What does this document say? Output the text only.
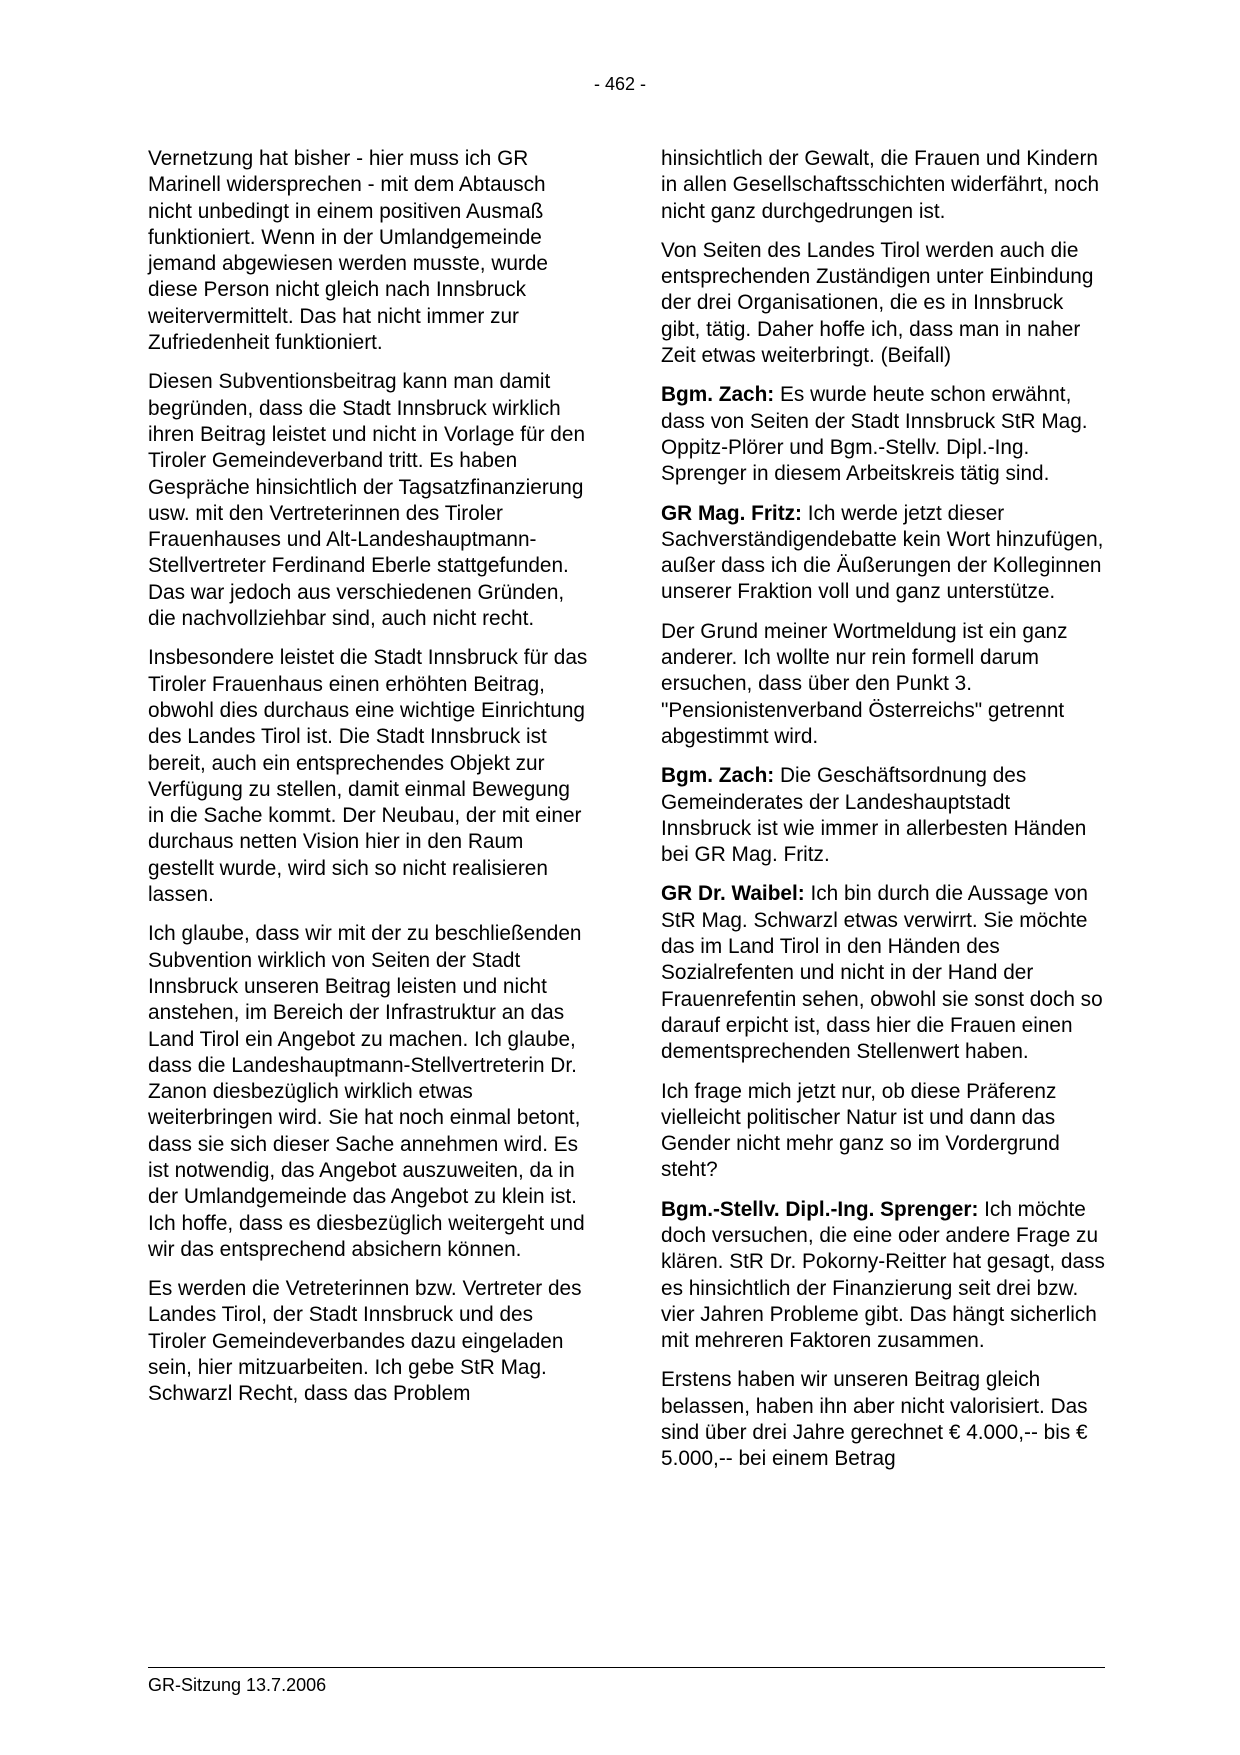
- 462 -

Vernetzung hat bisher - hier muss ich GR Marinell widersprechen - mit dem Abtausch nicht unbedingt in einem positiven Ausmaß funktioniert. Wenn in der Umlandgemeinde jemand abgewiesen werden musste, wurde diese Person nicht gleich nach Innsbruck weitervermittelt. Das hat nicht immer zur Zufriedenheit funktioniert.

Diesen Subventionsbeitrag kann man damit begründen, dass die Stadt Innsbruck wirklich ihren Beitrag leistet und nicht in Vorlage für den Tiroler Gemeindeverband tritt. Es haben Gespräche hinsichtlich der Tagsatzfinanzierung usw. mit den Vertreterinnen des Tiroler Frauenhauses und Alt-Landeshauptmann-Stellvertreter Ferdinand Eberle stattgefunden. Das war jedoch aus verschiedenen Gründen, die nachvollziehbar sind, auch nicht recht.

Insbesondere leistet die Stadt Innsbruck für das Tiroler Frauenhaus einen erhöhten Beitrag, obwohl dies durchaus eine wichtige Einrichtung des Landes Tirol ist. Die Stadt Innsbruck ist bereit, auch ein entsprechendes Objekt zur Verfügung zu stellen, damit einmal Bewegung in die Sache kommt. Der Neubau, der mit einer durchaus netten Vision hier in den Raum gestellt wurde, wird sich so nicht realisieren lassen.

Ich glaube, dass wir mit der zu beschließenden Subvention wirklich von Seiten der Stadt Innsbruck unseren Beitrag leisten und nicht anstehen, im Bereich der Infrastruktur an das Land Tirol ein Angebot zu machen. Ich glaube, dass die Landeshauptmann-Stellvertreterin Dr. Zanon diesbezüglich wirklich etwas weiterbringen wird. Sie hat noch einmal betont, dass sie sich dieser Sache annehmen wird. Es ist notwendig, das Angebot auszuweiten, da in der Umlandgemeinde das Angebot zu klein ist. Ich hoffe, dass es diesbezüglich weitergeht und wir das entsprechend absichern können.

Es werden die Vetreterinnen bzw. Vertreter des Landes Tirol, der Stadt Innsbruck und des Tiroler Gemeindeverbandes dazu eingeladen sein, hier mitzuarbeiten. Ich gebe StR Mag. Schwarzl Recht, dass das Problem

hinsichtlich der Gewalt, die Frauen und Kindern in allen Gesellschaftsschichten widerfährt, noch nicht ganz durchgedrungen ist.

Von Seiten des Landes Tirol werden auch die entsprechenden Zuständigen unter Einbindung der drei Organisationen, die es in Innsbruck gibt, tätig. Daher hoffe ich, dass man in naher Zeit etwas weiterbringt. (Beifall)

Bgm. Zach: Es wurde heute schon erwähnt, dass von Seiten der Stadt Innsbruck StR Mag. Oppitz-Plörer und Bgm.-Stellv. Dipl.-Ing. Sprenger in diesem Arbeitskreis tätig sind.

GR Mag. Fritz: Ich werde jetzt dieser Sachverständigendebatte kein Wort hinzufügen, außer dass ich die Äußerungen der Kolleginnen unserer Fraktion voll und ganz unterstütze.

Der Grund meiner Wortmeldung ist ein ganz anderer. Ich wollte nur rein formell darum ersuchen, dass über den Punkt 3. "Pensionistenverband Österreichs" getrennt abgestimmt wird.

Bgm. Zach: Die Geschäftsordnung des Gemeinderates der Landeshauptstadt Innsbruck ist wie immer in allerbesten Händen bei GR Mag. Fritz.

GR Dr. Waibel: Ich bin durch die Aussage von StR Mag. Schwarzl etwas verwirrt. Sie möchte das im Land Tirol in den Händen des Sozialrefenten und nicht in der Hand der Frauenrefentin sehen, obwohl sie sonst doch so darauf erpicht ist, dass hier die Frauen einen dementsprechenden Stellenwert haben.

Ich frage mich jetzt nur, ob diese Präferenz vielleicht politischer Natur ist und dann das Gender nicht mehr ganz so im Vordergrund steht?

Bgm.-Stellv. Dipl.-Ing. Sprenger: Ich möchte doch versuchen, die eine oder andere Frage zu klären. StR Dr. Pokorny-Reitter hat gesagt, dass es hinsichtlich der Finanzierung seit drei bzw. vier Jahren Probleme gibt. Das hängt sicherlich mit mehreren Faktoren zusammen.

Erstens haben wir unseren Beitrag gleich belassen, haben ihn aber nicht valorisiert. Das sind über drei Jahre gerechnet € 4.000,-- bis € 5.000,-- bei einem Betrag

GR-Sitzung 13.7.2006
